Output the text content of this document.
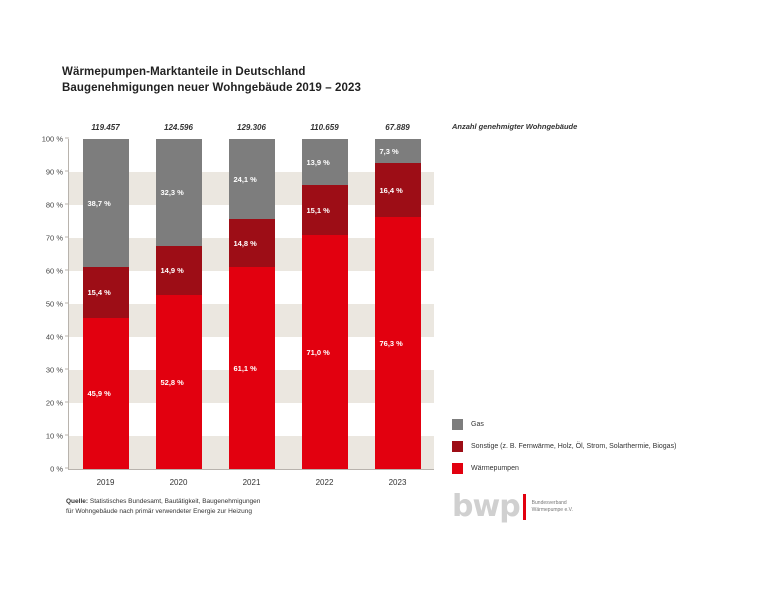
Wärmepumpen-Marktanteile in Deutschland
Baugenehmigungen neuer Wohngebäude 2019 – 2023
Anzahl genehmigter Wohngebäude
0 %
10 %
20 %
30 %
40 %
50 %
60 %
70 %
80 %
90 %
100 %
45,9 %
15,4 %
38,7 %
2019
119.457
52,8 %
14,9 %
32,3 %
2020
124.596
61,1 %
14,8 %
24,1 %
2021
129.306
71,0 %
15,1 %
13,9 %
2022
110.659
76,3 %
16,4 %
7,3 %
2023
67.889
Gas
Sonstige (z. B. Fernwärme, Holz, Öl, Strom, Solarthermie, Biogas)
Wärmepumpen
Quelle: Statistisches Bundesamt, Bautätigkeit, Baugenehmigungen
für Wohngebäude nach primär verwendeter Energie zur Heizung	bwp Bundesverband
Wärmepumpe e.V.
